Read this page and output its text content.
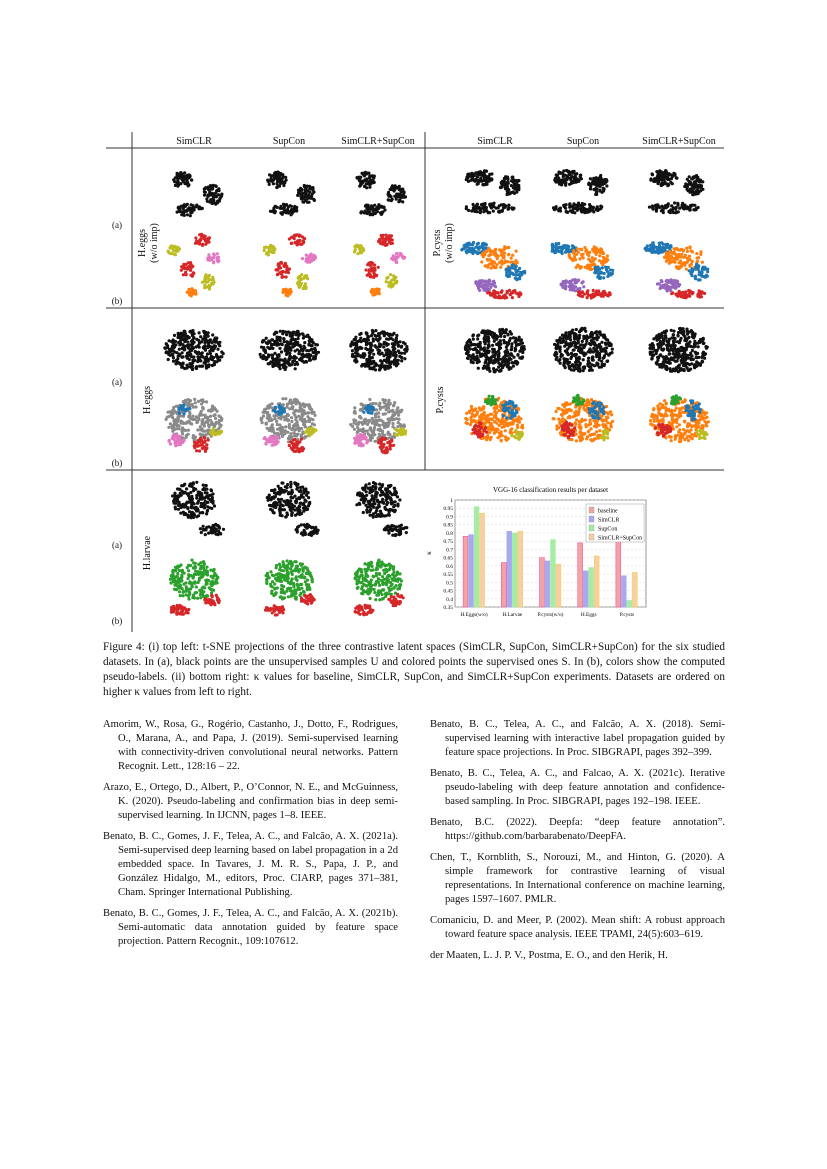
SimCLR	SupCon	SimCLR+SupCon	SimCLR	SupCon	SimCLR+SupCon
(a)
(b)
(a)
(b)
(a)
(b)
H.eggs (w/o imp)	P.cysts (w/o imp)
H.eggs	P.cysts
H.larvae
VGG-16 classification results per dataset
0.35
0.4
0.45
0.5
0.55
0.6
0.65
0.7
0.75
0.8
0.85
0.9
0.95
1
κ
H.Eggs(w/o)	H.Larvae	P.cysts(w/o)	H.Eggs	P.cysts
baseline
SimCLR
SupCon
SimCLR+SupCon
Figure 4: (i) top left: t-SNE projections of the three contrastive latent spaces (SimCLR, SupCon, SimCLR+SupCon) for the six studied datasets. In (a), black points are the unsupervised samples U and colored points the supervised ones S. In (b), colors show the computed pseudo-labels. (ii) bottom right: κ values for baseline, SimCLR, SupCon, and SimCLR+SupCon experiments. Datasets are ordered on higher κ values from left to right.
Amorim, W., Rosa, G., Rogério, Castanho, J., Dotto, F., Rodrigues, O., Marana, A., and Papa, J. (2019). Semi-supervised learning with connectivity-driven convolutional neural networks. Pattern Recognit. Lett., 128:16 – 22.
Arazo, E., Ortego, D., Albert, P., O’Connor, N. E., and McGuinness, K. (2020). Pseudo-labeling and confirmation bias in deep semi-supervised learning. In IJCNN, pages 1–8. IEEE.
Benato, B. C., Gomes, J. F., Telea, A. C., and Falcão, A. X. (2021a). Semi-supervised deep learning based on label propagation in a 2d embedded space. In Tavares, J. M. R. S., Papa, J. P., and González Hidalgo, M., editors, Proc. CIARP, pages 371–381, Cham. Springer International Publishing.
Benato, B. C., Gomes, J. F., Telea, A. C., and Falcão, A. X. (2021b). Semi-automatic data annotation guided by feature space projection. Pattern Recognit., 109:107612.
Benato, B. C., Telea, A. C., and Falcão, A. X. (2018). Semi-supervised learning with interactive label propagation guided by feature space projections. In Proc. SIBGRAPI, pages 392–399.
Benato, B. C., Telea, A. C., and Falcao, A. X. (2021c). Iterative pseudo-labeling with deep feature annotation and confidence-based sampling. In Proc. SIBGRAPI, pages 192–198. IEEE.
Benato, B.C. (2022). Deepfa: “deep feature annotation”. https://github.com/barbarabenato/DeepFA.
Chen, T., Kornblith, S., Norouzi, M., and Hinton, G. (2020). A simple framework for contrastive learning of visual representations. In International conference on machine learning, pages 1597–1607. PMLR.
Comaniciu, D. and Meer, P. (2002). Mean shift: A robust approach toward feature space analysis. IEEE TPAMI, 24(5):603–619.
der Maaten, L. J. P. V., Postma, E. O., and den Herik, H.
